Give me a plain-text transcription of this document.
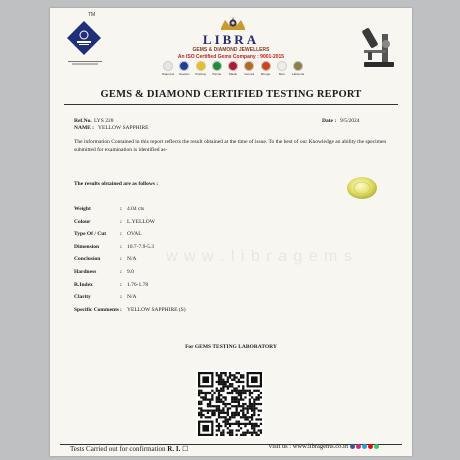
TM
LIBRA
GEMS & DIAMOND JEWELLERS
An ISO Certified Gems Company : 9001-2015
Diamond Neelam Pukhraj Panna	Manik Gomed Munga	Moti Lahsunia
GEMS & DIAMOND CERTIFIED TESTING REPORT
Ref.No. LYS 228
NAME : YELLOW SAPPHIRE
Date : 9/5/2024
The information Contained in this report reflects the result obtained at the time of issue. To the best of our Knowledge an ability the specimen submitted for examination is identified as-
The results obtained are as follows :
Weight	: 4.04 cts
Colour	: L.YELLOW
Type Of / Cut	: OVAL
Dimension	: 10.7-7.9-5.3
Conclusion	: N/A
Hardness	: 9.0
R.Index	: 1.76-1.78
Clarity	: N/A
Specific Comments : YELLOW SAPPHIRE (S)
w w w . l i b r a g e m s
For GEMS TESTING LABORATORY
Tests Carried out for confirmation R. I. ☐	Visit us : www.libragems.co.in
